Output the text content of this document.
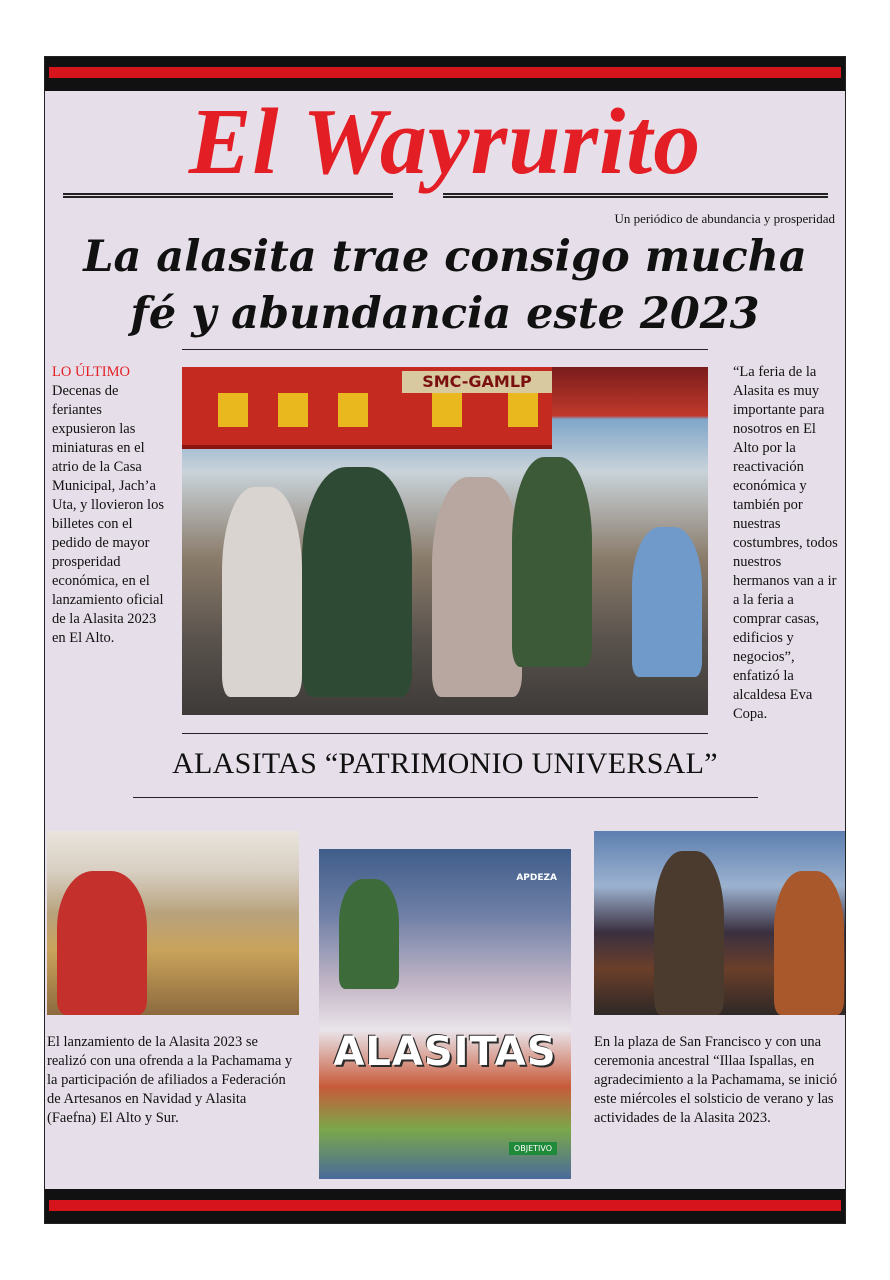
El Wayrurito
Un periódico de abundancia y prosperidad
La alasita trae consigo mucha
fé y abundancia este 2023
LO ÚLTIMO
Decenas de feriantes expusieron las miniaturas en el atrio de la Casa Municipal, Jach’a Uta, y llovieron los billetes con el pedido de mayor prosperidad económica, en el lanzamiento oficial de la Alasita 2023 en El Alto.
SMC-GAMLP	“La feria de la Alasita es muy importante para nosotros en El Alto por la reactivación económica y también por nuestras costumbres, todos nuestros hermanos van a ir a la feria a comprar casas, edificios y negocios”, enfatizó la alcaldesa Eva Copa.
ALASITAS “PATRIMONIO UNIVERSAL”
APDEZA
ALASITAS
OBJETIVO
El lanzamiento de la Alasita 2023 se realizó con una ofrenda a la Pachamama y la participación de afiliados a Federación de Artesanos en Navidad y Alasita (Faefna) El Alto y Sur.
En la plaza de San Francisco y con una ceremonia ancestral “Illaa Ispallas, en agradecimiento a la Pachamama, se inició este miércoles el solsticio de verano y las actividades de la Alasita 2023.
